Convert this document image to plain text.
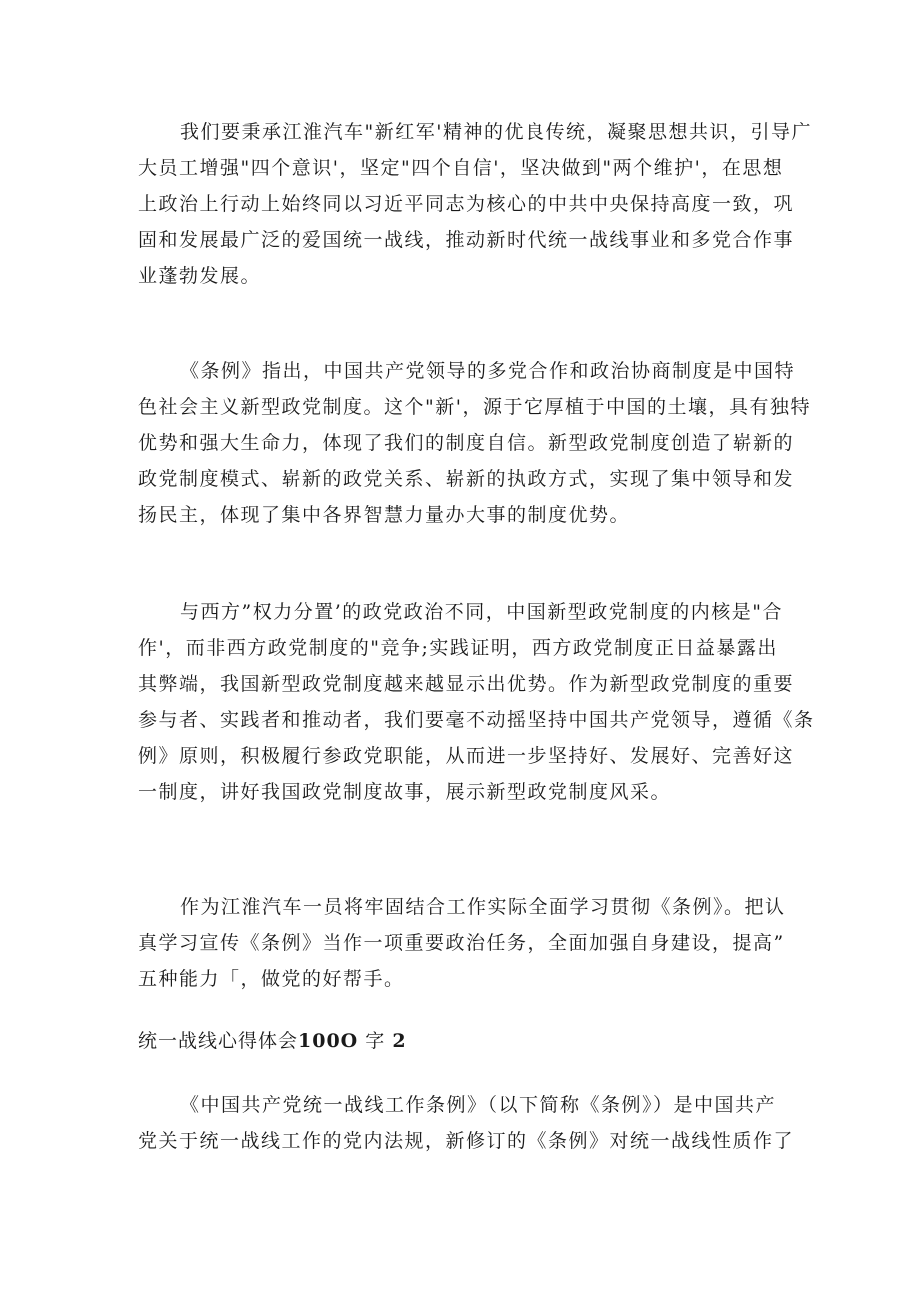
我们要秉承江淮汽车"新红军'精神的优良传统，凝聚思想共识，引导广
大员工增强"四个意识'，坚定"四个自信'，坚决做到"两个维护'，在思想
上政治上行动上始终同以习近平同志为核心的中共中央保持高度一致，巩
固和发展最广泛的爱国统一战线，推动新时代统一战线事业和多党合作事
业蓬勃发展。
《条例》指出，中国共产党领导的多党合作和政治协商制度是中国特
色社会主义新型政党制度。这个"新'，源于它厚植于中国的土壤，具有独特
优势和强大生命力，体现了我们的制度自信。新型政党制度创造了崭新的
政党制度模式、崭新的政党关系、崭新的执政方式，实现了集中领导和发
扬民主，体现了集中各界智慧力量办大事的制度优势。
与西方”权力分置’的政党政治不同，中国新型政党制度的内核是"合
作'，而非西方政党制度的"竞争;实践证明，西方政党制度正日益暴露出
其弊端，我国新型政党制度越来越显示出优势。作为新型政党制度的重要
参与者、实践者和推动者，我们要毫不动摇坚持中国共产党领导，遵循《条
例》原则，积极履行参政党职能，从而进一步坚持好、发展好、完善好这
一制度，讲好我国政党制度故事，展示新型政党制度风采。
作为江淮汽车一员将牢固结合工作实际全面学习贯彻《条例》。把认
真学习宣传《条例》当作一项重要政治任务，全面加强自身建设，提高”
五种能力「，做党的好帮手。
统一战线心得体会100O 字 2
《中国共产党统一战线工作条例》（以下简称《条例》）是中国共产
党关于统一战线工作的党内法规，新修订的《条例》对统一战线性质作了
